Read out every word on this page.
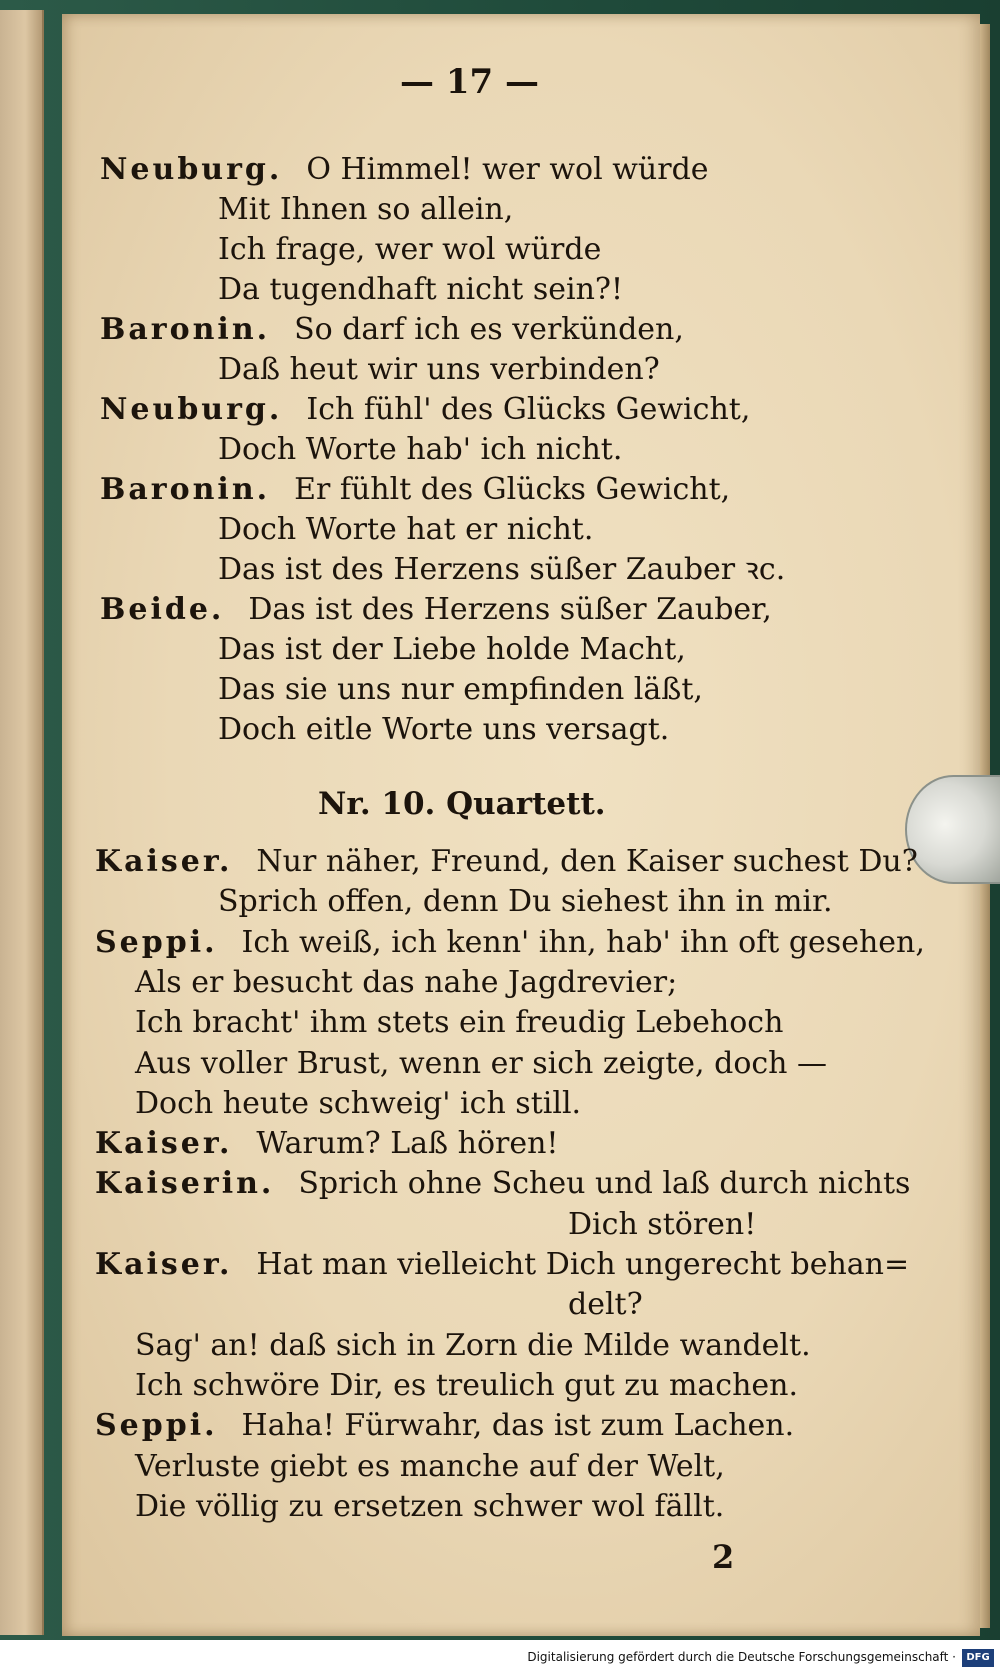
— 17 —
Neuburg. O Himmel! wer wol würde
Mit Ihnen so allein,
Ich frage, wer wol würde
Da tugendhaft nicht sein?!
Baronin. So darf ich es verkünden,
Daß heut wir uns verbinden?
Neuburg. Ich fühl' des Glücks Gewicht,
Doch Worte hab' ich nicht.
Baronin. Er fühlt des Glücks Gewicht,
Doch Worte hat er nicht.
Das ist des Herzens süßer Zauber ꝛc.
Beide. Das ist des Herzens süßer Zauber,
Das ist der Liebe holde Macht,
Das sie uns nur empfinden läßt,
Doch eitle Worte uns versagt.
Nr. 10. Quartett.
Kaiser. Nur näher, Freund, den Kaiser suchest Du?
Sprich offen, denn Du siehest ihn in mir.
Seppi. Ich weiß, ich kenn' ihn, hab' ihn oft gesehen,
Als er besucht das nahe Jagdrevier;
Ich bracht' ihm stets ein freudig Lebehoch
Aus voller Brust, wenn er sich zeigte, doch —
Doch heute schweig' ich still.
Kaiser. Warum? Laß hören!
Kaiserin. Sprich ohne Scheu und laß durch nichts
Dich stören!
Kaiser. Hat man vielleicht Dich ungerecht behan=
delt?
Sag' an! daß sich in Zorn die Milde wandelt.
Ich schwöre Dir, es treulich gut zu machen.
Seppi. Haha! Fürwahr, das ist zum Lachen.
Verluste giebt es manche auf der Welt,
Die völlig zu ersetzen schwer wol fällt.
2
Digitalisierung gefördert durch die Deutsche Forschungsgemeinschaft ·	DFG
